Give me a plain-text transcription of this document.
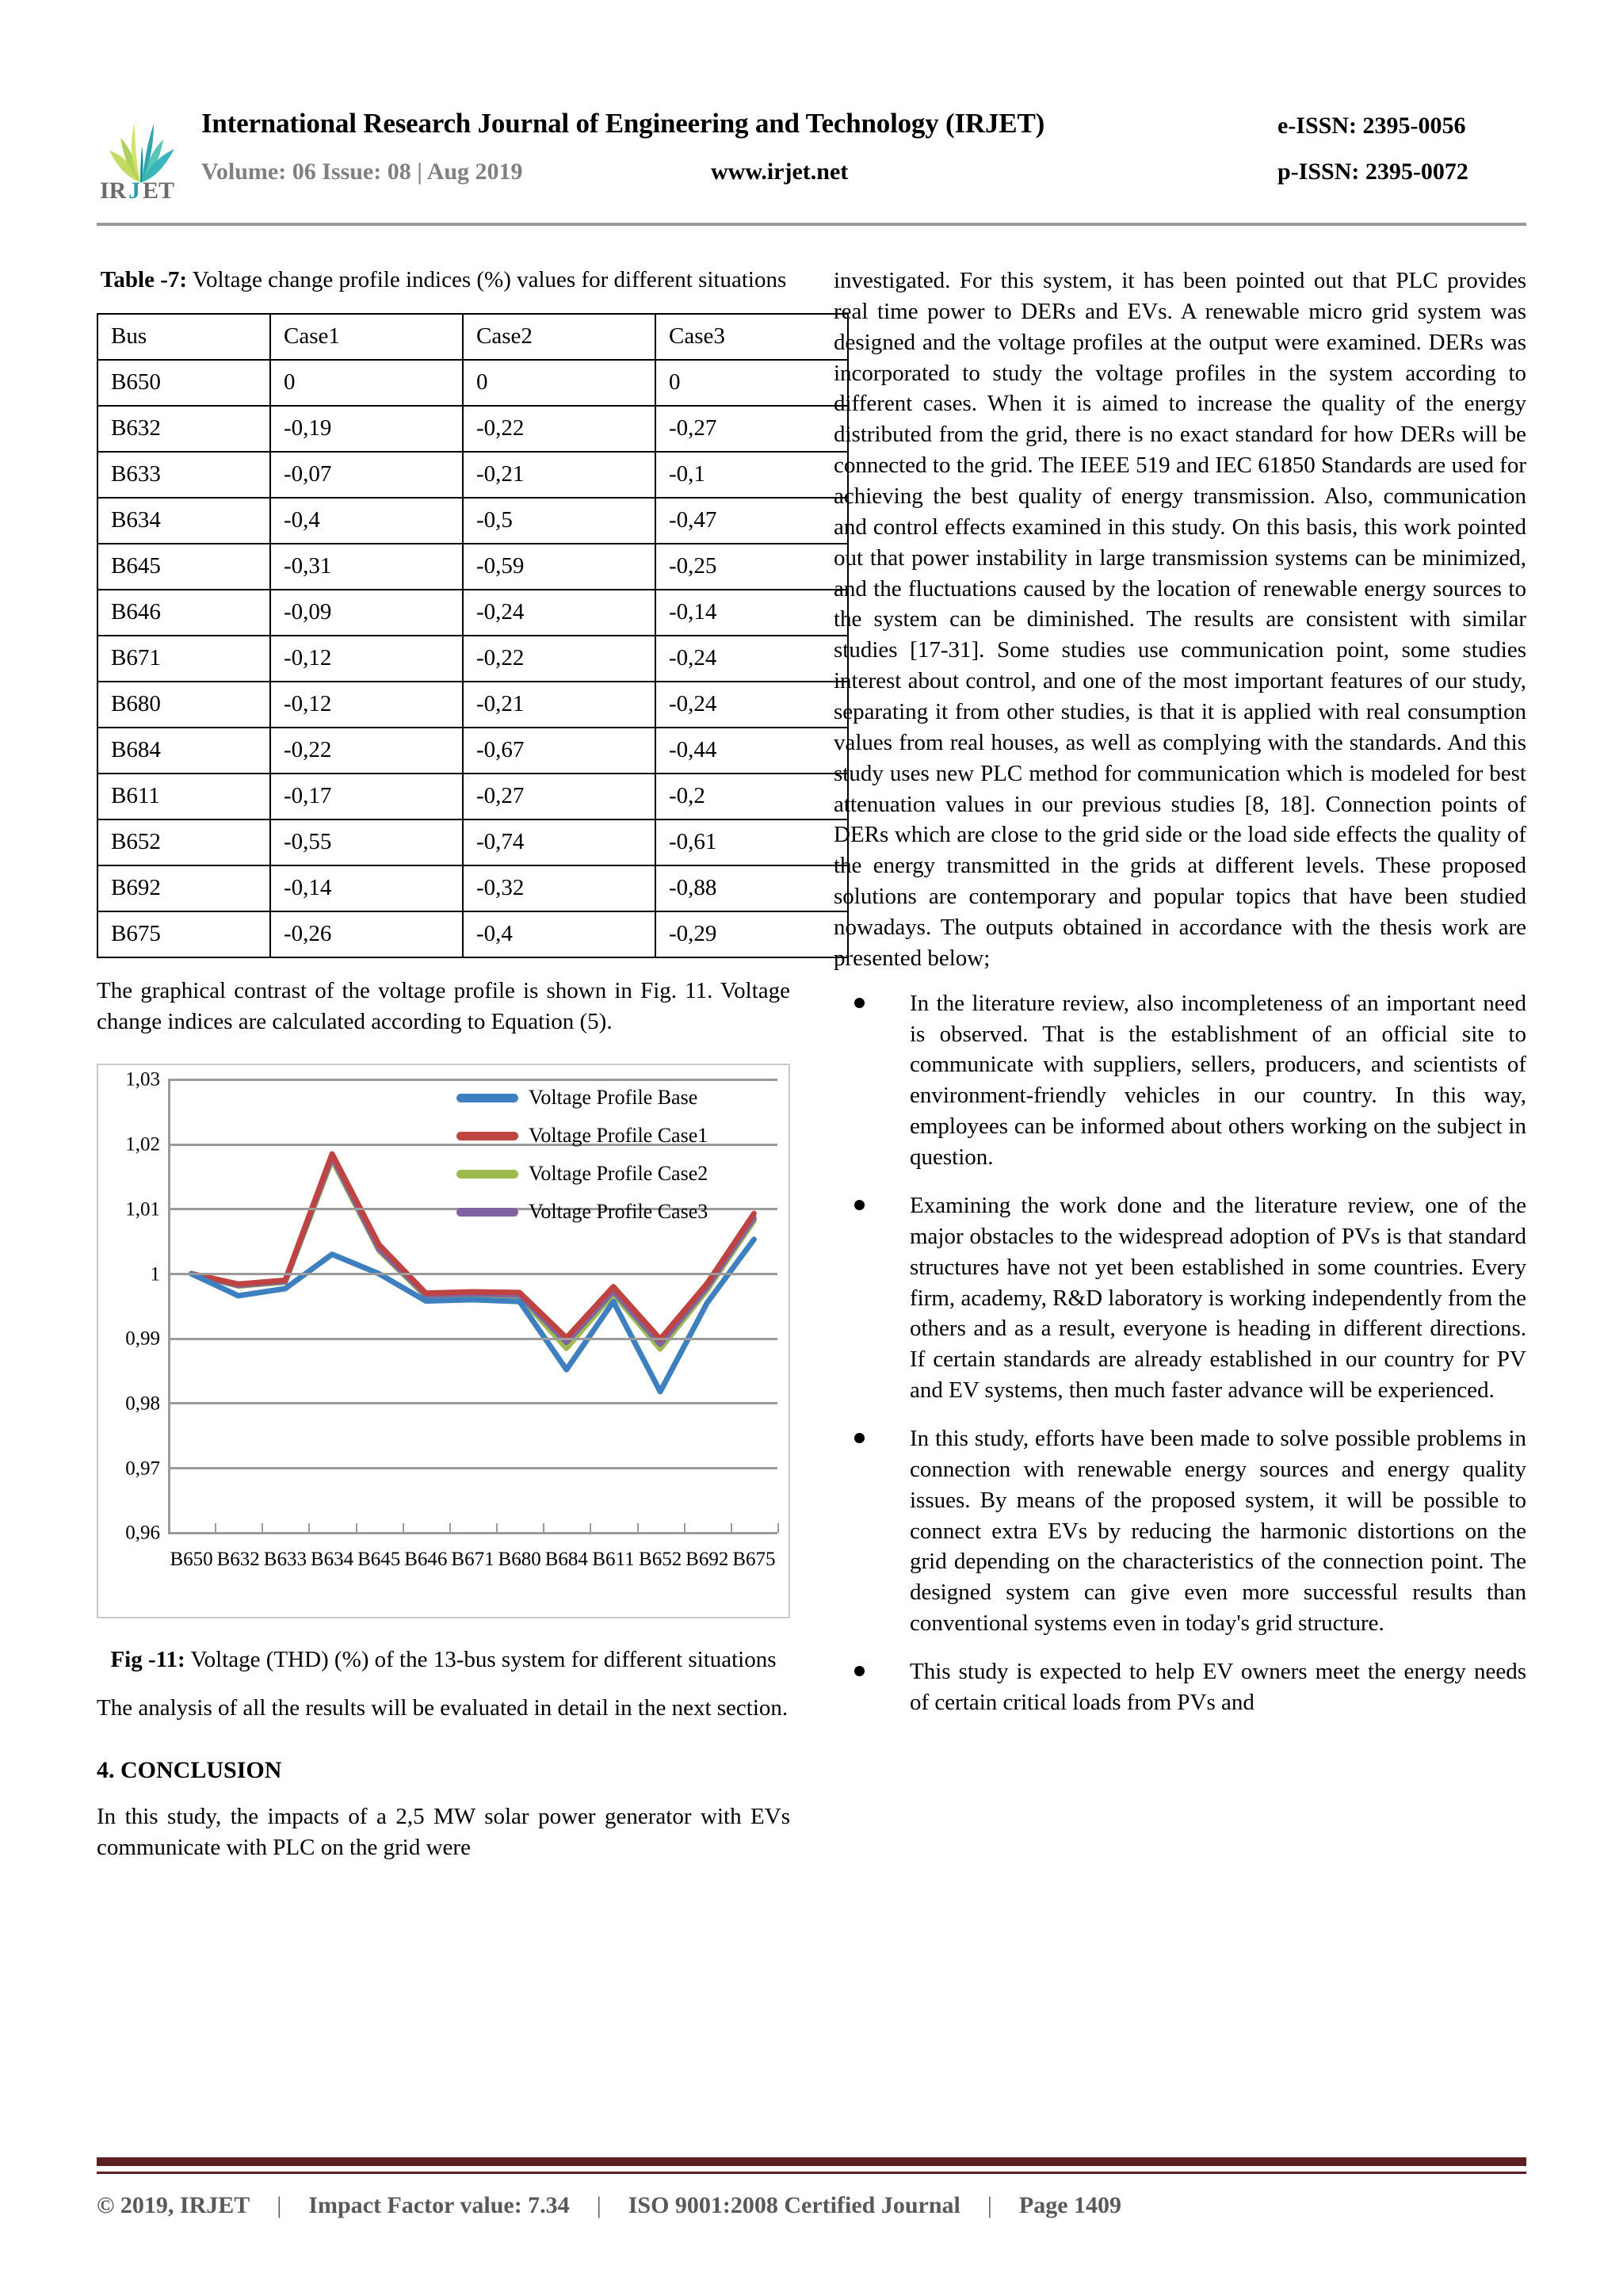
IR J ET
International Research Journal of Engineering and Technology (IRJET)	e-ISSN: 2395-0056
Volume: 06 Issue: 08 | Aug 2019	www.irjet.net	p-ISSN: 2395-0072
Table -7: Voltage change profile indices (%) values for different situations
Bus	Case1	Case2	Case3
B650	0	0	0
B632	-0,19	-0,22	-0,27
B633	-0,07	-0,21	-0,1
B634	-0,4	-0,5	-0,47
B645	-0,31	-0,59	-0,25
B646	-0,09	-0,24	-0,14
B671	-0,12	-0,22	-0,24
B680	-0,12	-0,21	-0,24
B684	-0,22	-0,67	-0,44
B611	-0,17	-0,27	-0,2
B652	-0,55	-0,74	-0,61
B692	-0,14	-0,32	-0,88
B675	-0,26	-0,4	-0,29

The graphical contrast of the voltage profile is shown in Fig. 11. Voltage change indices are calculated according to Equation (5).

0,96
0,97
0,98
0,99
1
1,01
1,02
1,03
B650 B632 B633 B634 B645 B646 B671 B680 B684 B611 B652 B692 B675
Voltage Profile Base
Voltage Profile Case1
Voltage Profile Case2
Voltage Profile Case3
Fig -11: Voltage (THD) (%) of the 13-bus system for different situations

The analysis of all the results will be evaluated in detail in the next section.

4. CONCLUSION

In this study, the impacts of a 2,5 MW solar power generator with EVs communicate with PLC on the grid were

investigated. For this system, it has been pointed out that PLC provides real time power to DERs and EVs. A renewable micro grid system was designed and the voltage profiles at the output were examined. DERs was incorporated to study the voltage profiles in the system according to different cases. When it is aimed to increase the quality of the energy distributed from the grid, there is no exact standard for how DERs will be connected to the grid. The IEEE 519 and IEC 61850 Standards are used for achieving the best quality of energy transmission. Also, communication and control effects examined in this study. On this basis, this work pointed out that power instability in large transmission systems can be minimized, and the fluctuations caused by the location of renewable energy sources to the system can be diminished. The results are consistent with similar studies [17-31]. Some studies use communication point, some studies interest about control, and one of the most important features of our study, separating it from other studies, is that it is applied with real consumption values from real houses, as well as complying with the standards. And this study uses new PLC method for communication which is modeled for best attenuation values in our previous studies [8, 18]. Connection points of DERs which are close to the grid side or the load side effects the quality of the energy transmitted in the grids at different levels. These proposed solutions are contemporary and popular topics that have been studied nowadays. The outputs obtained in accordance with the thesis work are presented below;

In the literature review, also incompleteness of an important need is observed. That is the establishment of an official site to communicate with suppliers, sellers, producers, and scientists of environment-friendly vehicles in our country. In this way, employees can be informed about others working on the subject in question.
Examining the work done and the literature review, one of the major obstacles to the widespread adoption of PVs is that standard structures have not yet been established in some countries. Every firm, academy, R&D laboratory is working independently from the others and as a result, everyone is heading in different directions. If certain standards are already established in our country for PV and EV systems, then much faster advance will be experienced.
In this study, efforts have been made to solve possible problems in connection with renewable energy sources and energy quality issues. By means of the proposed system, it will be possible to connect extra EVs by reducing the harmonic distortions on the grid depending on the characteristics of the connection point. The designed system can give even more successful results than conventional systems even in today's grid structure.
This study is expected to help EV owners meet the energy needs of certain critical loads from PVs and
© 2019, IRJET | Impact Factor value: 7.34 | ISO 9001:2008 Certified Journal | Page 1409
